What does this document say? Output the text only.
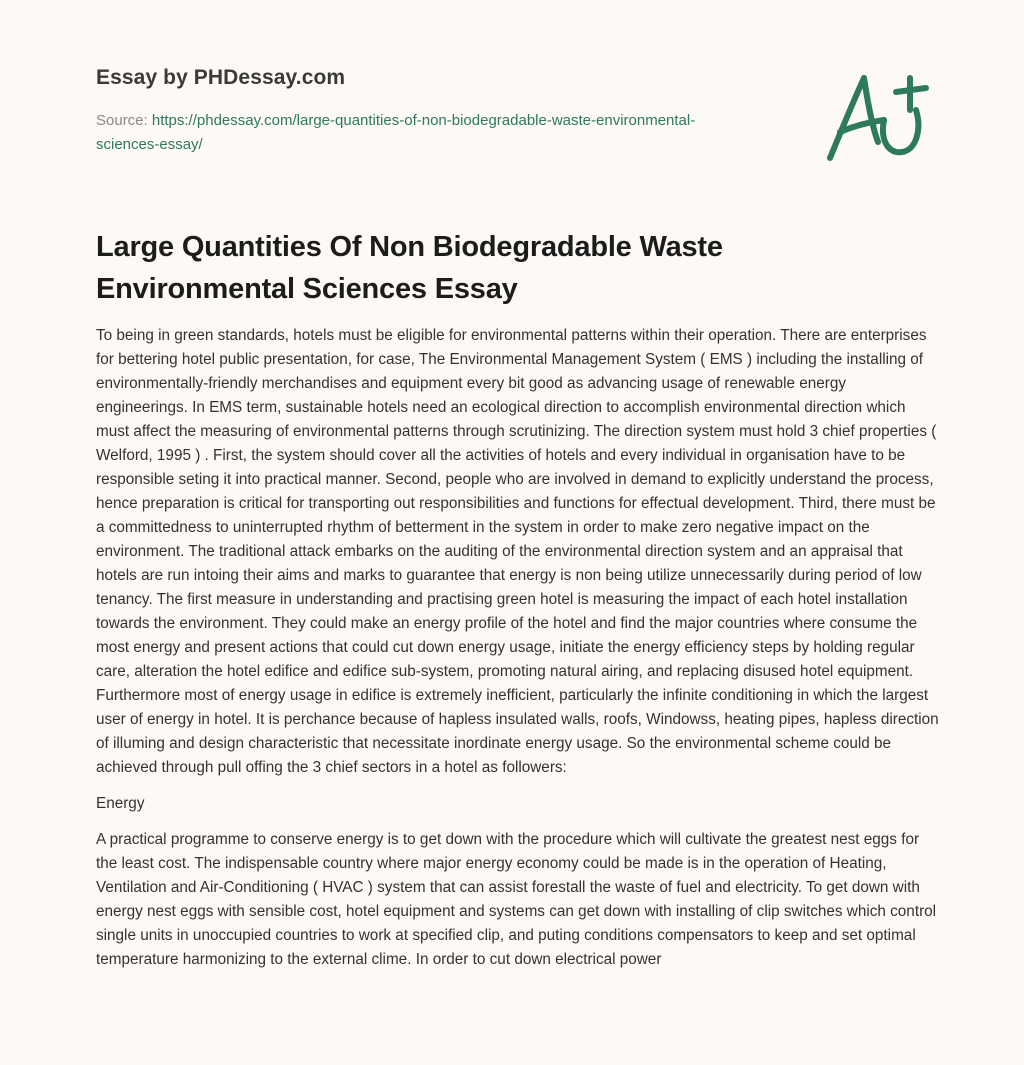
Essay by PHDessay.com
Source: https://phdessay.com/large-quantities-of-non-biodegradable-waste-environmental-sciences-essay/
Large Quantities Of Non Biodegradable Waste Environmental Sciences Essay

To being in green standards, hotels must be eligible for environmental patterns within their operation. There are enterprises for bettering hotel public presentation, for case, The Environmental Management System ( EMS ) including the installing of environmentally-friendly merchandises and equipment every bit good as advancing usage of renewable energy engineerings. In EMS term, sustainable hotels need an ecological direction to accomplish environmental direction which must affect the measuring of environmental patterns through scrutinizing. The direction system must hold 3 chief properties ( Welford, 1995 ) . First, the system should cover all the activities of hotels and every individual in organisation have to be responsible seting it into practical manner. Second, people who are involved in demand to explicitly understand the process, hence preparation is critical for transporting out responsibilities and functions for effectual development. Third, there must be a committedness to uninterrupted rhythm of betterment in the system in order to make zero negative impact on the environment. The traditional attack embarks on the auditing of the environmental direction system and an appraisal that hotels are run intoing their aims and marks to guarantee that energy is non being utilize unnecessarily during period of low tenancy. The first measure in understanding and practising green hotel is measuring the impact of each hotel installation towards the environment. They could make an energy profile of the hotel and find the major countries where consume the most energy and present actions that could cut down energy usage, initiate the energy efficiency steps by holding regular care, alteration the hotel edifice and edifice sub-system, promoting natural airing, and replacing disused hotel equipment. Furthermore most of energy usage in edifice is extremely inefficient, particularly the infinite conditioning in which the largest user of energy in hotel. It is perchance because of hapless insulated walls, roofs, Windowss, heating pipes, hapless direction of illuming and design characteristic that necessitate inordinate energy usage. So the environmental scheme could be achieved through pull offing the 3 chief sectors in a hotel as followers:

Energy

A practical programme to conserve energy is to get down with the procedure which will cultivate the greatest nest eggs for the least cost. The indispensable country where major energy economy could be made is in the operation of Heating, Ventilation and Air-Conditioning ( HVAC ) system that can assist forestall the waste of fuel and electricity. To get down with energy nest eggs with sensible cost, hotel equipment and systems can get down with installing of clip switches which control single units in unoccupied countries to work at specified clip, and puting conditions compensators to keep and set optimal temperature harmonizing to the external clime. In order to cut down electrical power
